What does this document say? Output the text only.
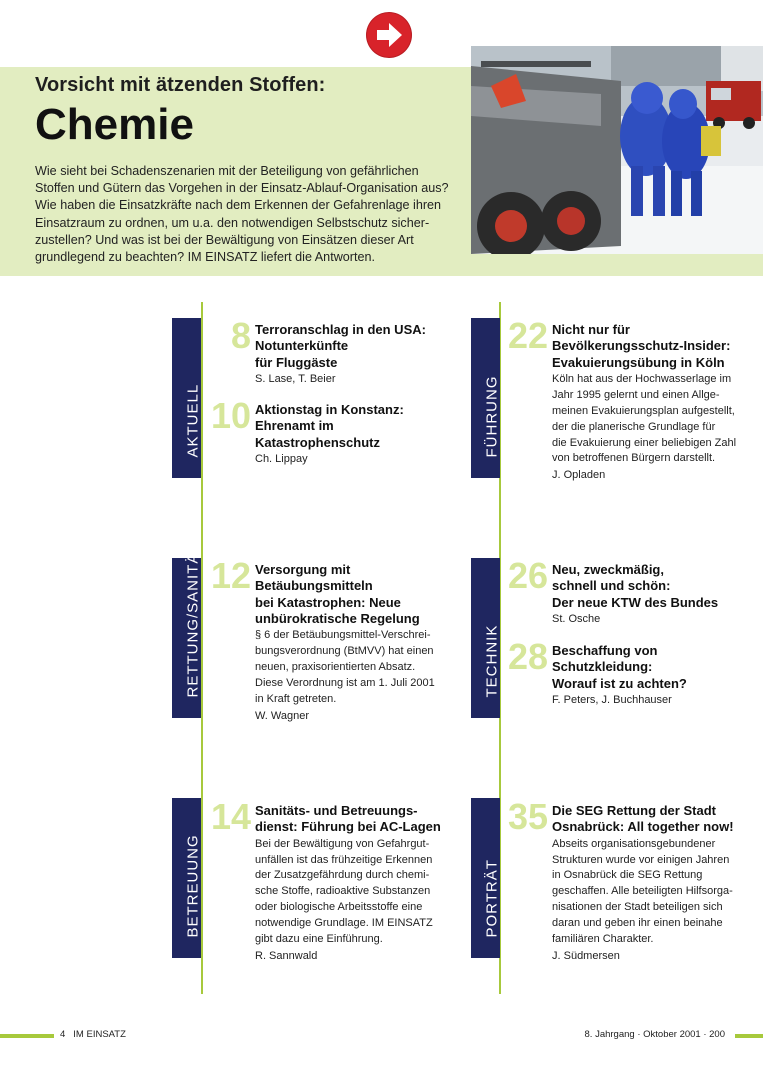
Vorsicht mit ätzenden Stoffen:
Chemie
Wie sieht bei Schadenszenarien mit der Beteiligung von gefährlichen Stoffen und Gütern das Vorgehen in der Einsatz-Ablauf-Organisation aus? Wie haben die Einsatzkräfte nach dem Erkennen der Gefahrenlage ihren Einsatzraum zu ordnen, um u.a. den notwendigen Selbstschutz sicherzustellen? Und was ist bei der Bewältigung von Einsätzen dieser Art grundlegend zu beachten? IM EINSATZ liefert die Antworten.
AKTUELL	FÜHRUNG
RETTUNG/SANITÄT	TECHNIK
BETREUUNG	PORTRÄT
8 Terroranschlag in den USA:
Notunterkünfte
für Fluggäste
S. Lase, T. Beier
10 Aktionstag in Konstanz:
Ehrenamt im
Katastrophenschutz
Ch. Lippay
12 Versorgung mit
Betäubungsmitteln
bei Katastrophen: Neue
unbürokratische Regelung
§ 6 der Betäubungsmittel-Verschrei-
bungsverordnung (BtMVV) hat einen
neuen, praxisorientierten Absatz.
Diese Verordnung ist am 1. Juli 2001
in Kraft getreten.
W. Wagner
14 Sanitäts- und Betreuungs-
dienst: Führung bei AC-Lagen
Bei der Bewältigung von Gefahrgut-
unfällen ist das frühzeitige Erkennen
der Zusatzgefährdung durch chemi-
sche Stoffe, radioaktive Substanzen
oder biologische Arbeitsstoffe eine
notwendige Grundlage. IM EINSATZ
gibt dazu eine Einführung.
R. Sannwald
22 Nicht nur für
Bevölkerungsschutz-Insider:
Evakuierungsübung in Köln
Köln hat aus der Hochwasserlage im
Jahr 1995 gelernt und einen Allge-
meinen Evakuierungsplan aufgestellt,
der die planerische Grundlage für
die Evakuierung einer beliebigen Zahl
von betroffenen Bürgern darstellt.
J. Opladen
26 Neu, zweckmäßig,
schnell und schön:
Der neue KTW des Bundes
St. Osche
28 Beschaffung von
Schutzkleidung:
Worauf ist zu achten?
F. Peters, J. Buchhauser
35 Die SEG Rettung der Stadt
Osnabrück: All together now!
Abseits organisationsgebundener
Strukturen wurde vor einigen Jahren
in Osnabrück die SEG Rettung
geschaffen. Alle beteiligten Hilfsorga-
nisationen der Stadt beteiligen sich
daran und geben ihr einen beinahe
familiären Charakter.
J. Südmersen
4 IM EINSATZ	8. Jahrgang · Oktober 2001 · 200
